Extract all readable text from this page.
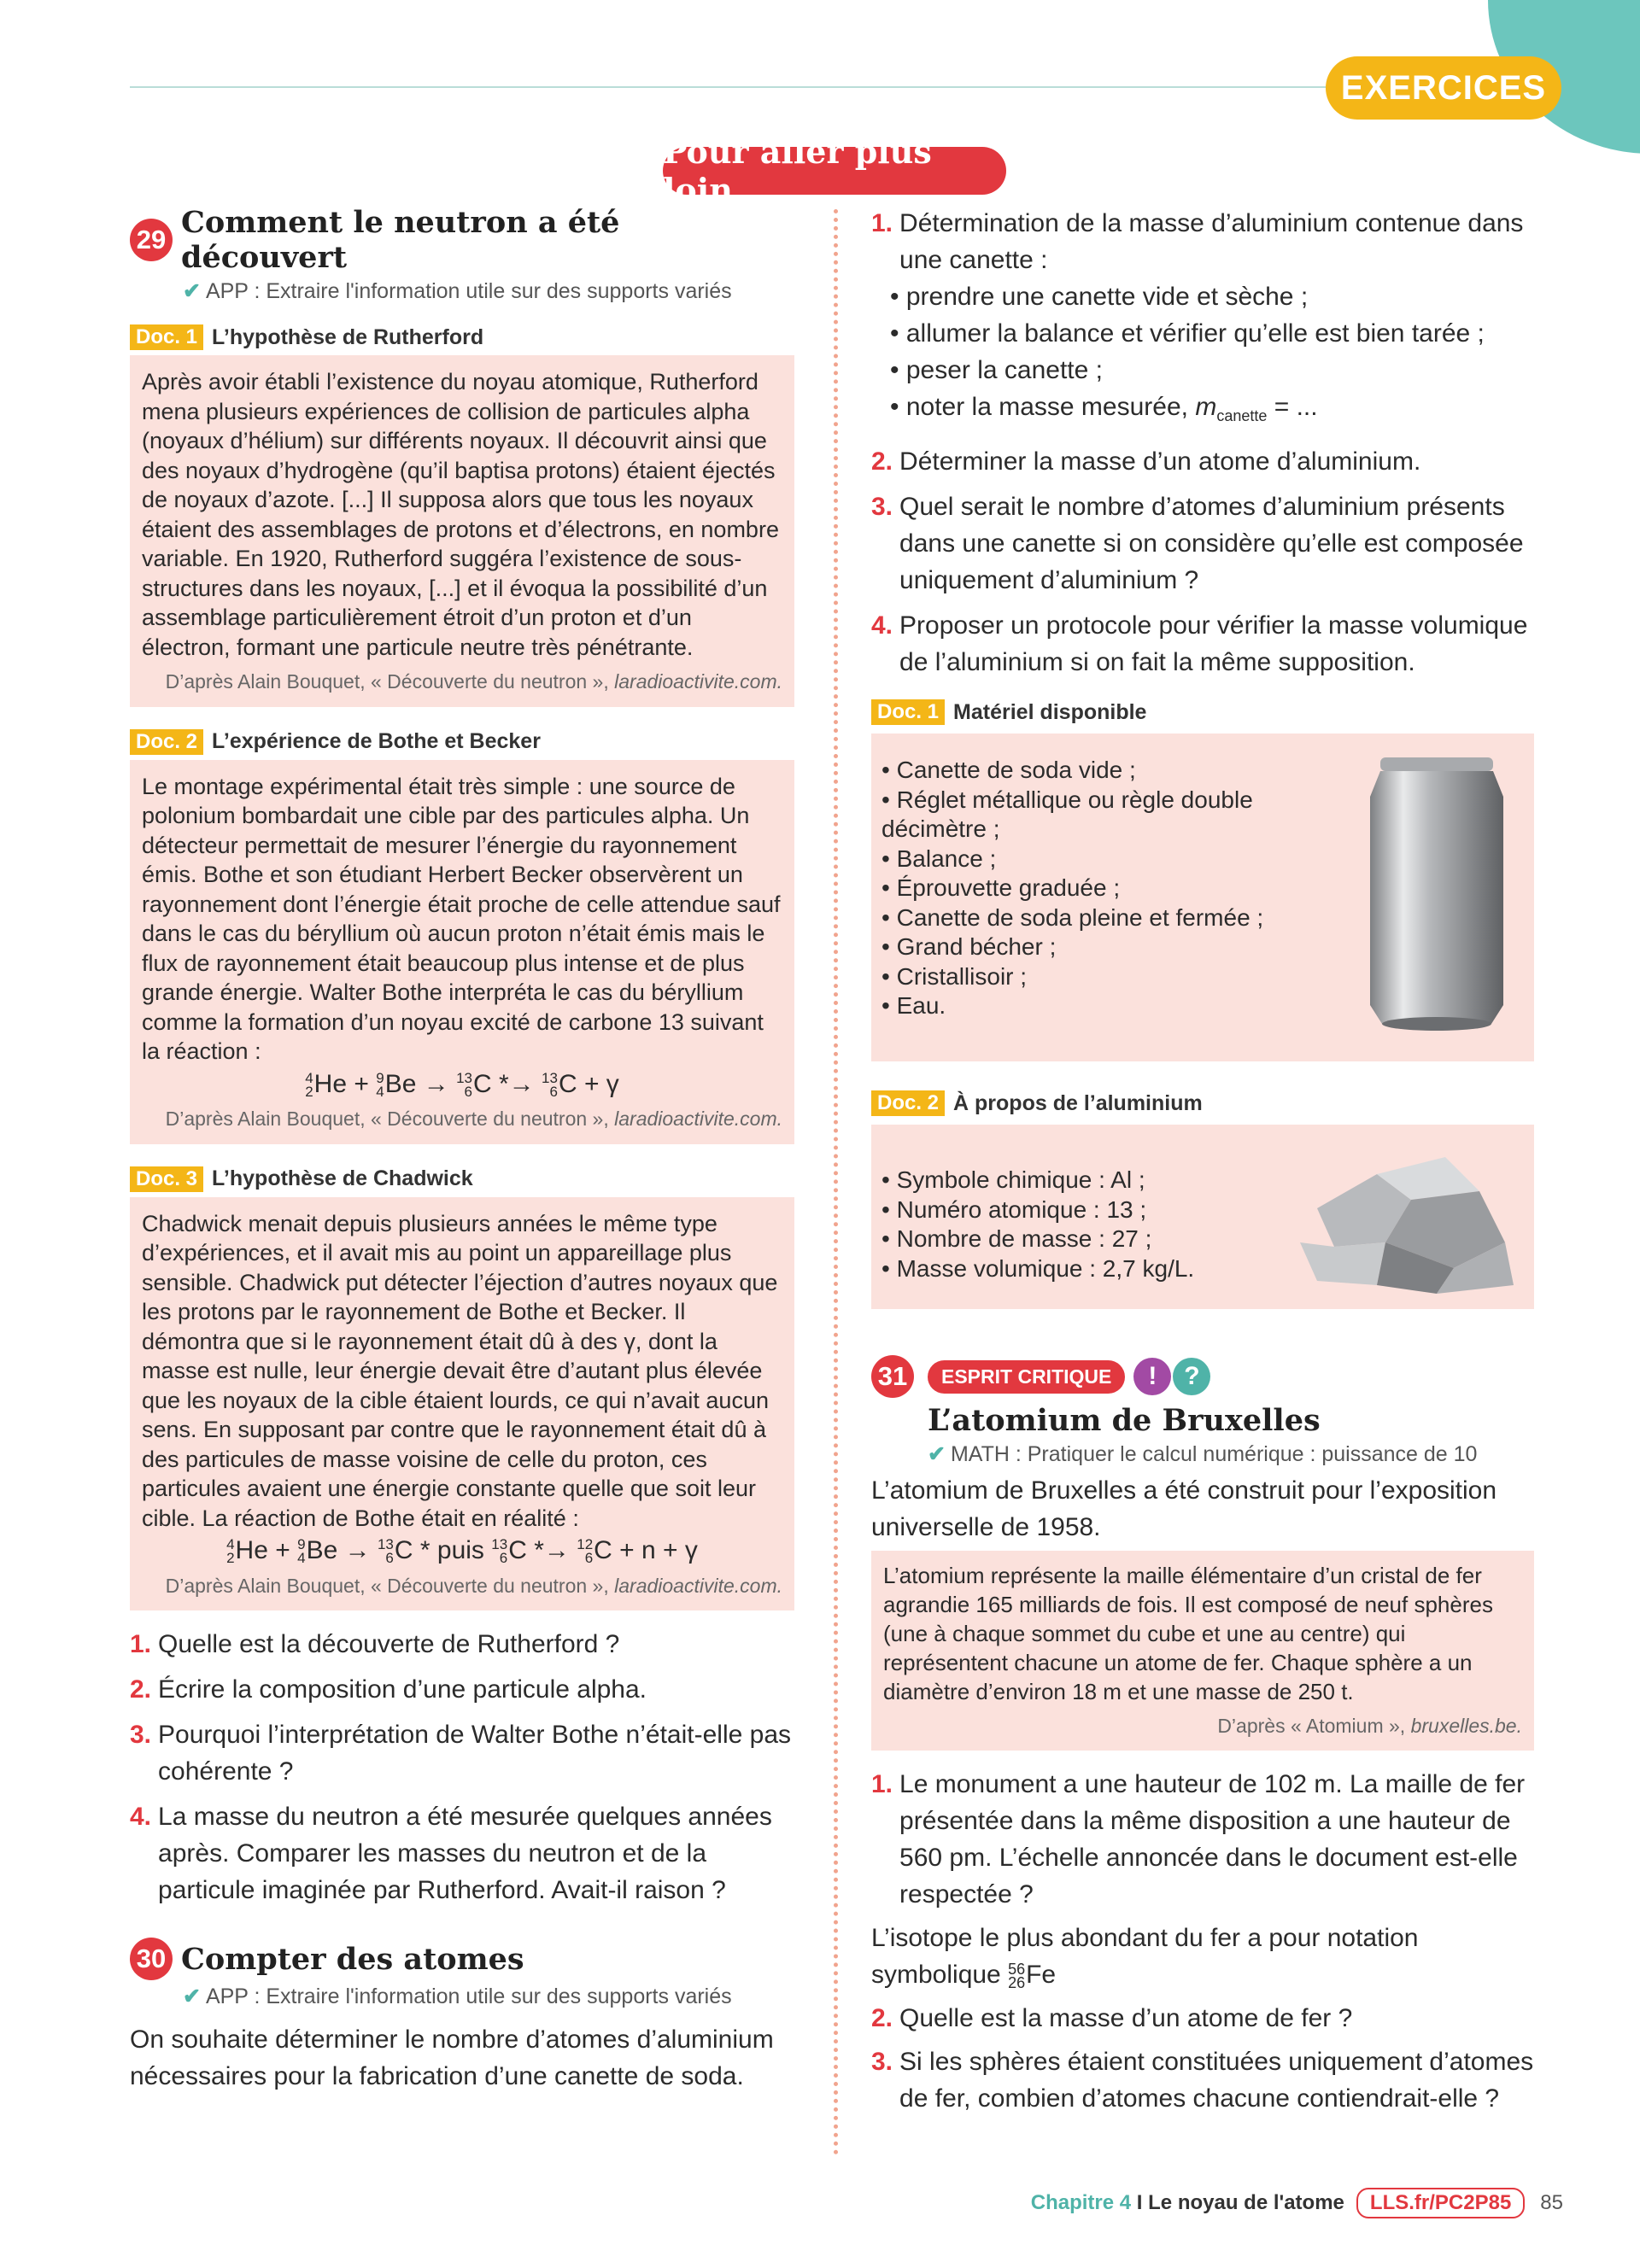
EXERCICES
Pour aller plus loin
29 Comment le neutron a été découvert
✔ APP : Extraire l'information utile sur des supports variés
Doc. 1 L’hypothèse de Rutherford
Après avoir établi l’existence du noyau atomique, Rutherford mena plusieurs expériences de collision de particules alpha (noyaux d’hélium) sur différents noyaux. Il découvrit ainsi que des noyaux d’hydrogène (qu’il baptisa protons) étaient éjectés de noyaux d’azote. [...] Il supposa alors que tous les noyaux étaient des assemblages de protons et d’électrons, en nombre variable. En 1920, Rutherford suggéra l’existence de sous-structures dans les noyaux, [...] et il évoqua la possibilité d’un assemblage particulièrement étroit d’un proton et d’un électron, formant une particule neutre très pénétrante.
D’après Alain Bouquet, « Découverte du neutron », laradioactivite.com.
Doc. 2 L’expérience de Bothe et Becker
Le montage expérimental était très simple : une source de polonium bombardait une cible par des particules alpha. Un détecteur permettait de mesurer l’énergie du rayonnement émis. Bothe et son étudiant Herbert Becker observèrent un rayonnement dont l’énergie était proche de celle attendue sauf dans le cas du béryllium où aucun proton n’était émis mais le flux de rayonnement était beaucoup plus intense et de plus grande énergie. Walter Bothe interpréta le cas du béryllium comme la formation d’un noyau excité de carbone 13 suivant la réaction :
4
2 He + 9
4 Be → 13
6 C *→ 13
6 C + γ
D’après Alain Bouquet, « Découverte du neutron », laradioactivite.com.
Doc. 3 L’hypothèse de Chadwick
Chadwick menait depuis plusieurs années le même type d’expériences, et il avait mis au point un appareillage plus sensible. Chadwick put détecter l’éjection d’autres noyaux que les protons par le rayonnement de Bothe et Becker. Il démontra que si le rayonnement était dû à des γ, dont la masse est nulle, leur énergie devait être d’autant plus élevée que les noyaux de la cible étaient lourds, ce qui n’avait aucun sens. En supposant par contre que le rayonnement était dû à des particules de masse voisine de celle du proton, ces particules avaient une énergie constante quelle que soit leur cible. La réaction de Bothe était en réalité :
4
2 He + 9
4 Be → 13
6 C * puis 13
6 C *→ 12
6 C + n + γ
D’après Alain Bouquet, « Découverte du neutron », laradioactivite.com.
1. Quelle est la découverte de Rutherford ?
2. Écrire la composition d’une particule alpha.
3. Pourquoi l’interprétation de Walter Bothe n’était-elle pas cohérente ?
4. La masse du neutron a été mesurée quelques années après. Comparer les masses du neutron et de la particule imaginée par Rutherford. Avait-il raison ?
30 Compter des atomes
✔ APP : Extraire l'information utile sur des supports variés
On souhaite déterminer le nombre d’atomes d’aluminium nécessaires pour la fabrication d’une canette de soda.
1. Détermination de la masse d’aluminium contenue dans une canette :
• prendre une canette vide et sèche ;
• allumer la balance et vérifier qu’elle est bien tarée ;
• peser la canette ;
• noter la masse mesurée, $m_{canette}$ = ...
2. Déterminer la masse d’un atome d’aluminium.
3. Quel serait le nombre d’atomes d’aluminium présents dans une canette si on considère qu’elle est composée uniquement d’aluminium ?
4. Proposer un protocole pour vérifier la masse volumique de l’aluminium si on fait la même supposition.
Doc. 1 Matériel disponible
• Canette de soda vide ;
• Réglet métallique ou règle double décimètre ;
• Balance ;
• Éprouvette graduée ;
• Canette de soda pleine et fermée ;
• Grand bécher ;
• Cristallisoir ;
• Eau.
Doc. 2 À propos de l’aluminium
• Symbole chimique : Al ;
• Numéro atomique : 13 ;
• Nombre de masse : 27 ;
• Masse volumique : 2,7 kg/L.
31	ESPRIT CRITIQUE	!	?
L’atomium de Bruxelles
✔ MATH : Pratiquer le calcul numérique : puissance de 10
L’atomium de Bruxelles a été construit pour l’exposition universelle de 1958.
L’atomium représente la maille élémentaire d’un cristal de fer agrandie 165 milliards de fois. Il est composé de neuf sphères (une à chaque sommet du cube et une au centre) qui représentent chacune un atome de fer. Chaque sphère a un diamètre d’environ 18 m et une masse de 250 t.
D’après « Atomium », bruxelles.be.
1. Le monument a une hauteur de 102 m. La maille de fer présentée dans la même disposition a une hauteur de 560 pm. L’échelle annoncée dans le document est-elle respectée ?
L’isotope le plus abondant du fer a pour notation symbolique 56
26 Fe
2. Quelle est la masse d’un atome de fer ?
3. Si les sphères étaient constituées uniquement d’atomes de fer, combien d’atomes chacune contiendrait-elle ?
Chapitre 4 I Le noyau de l'atome	LLS.fr/PC2P85	85
